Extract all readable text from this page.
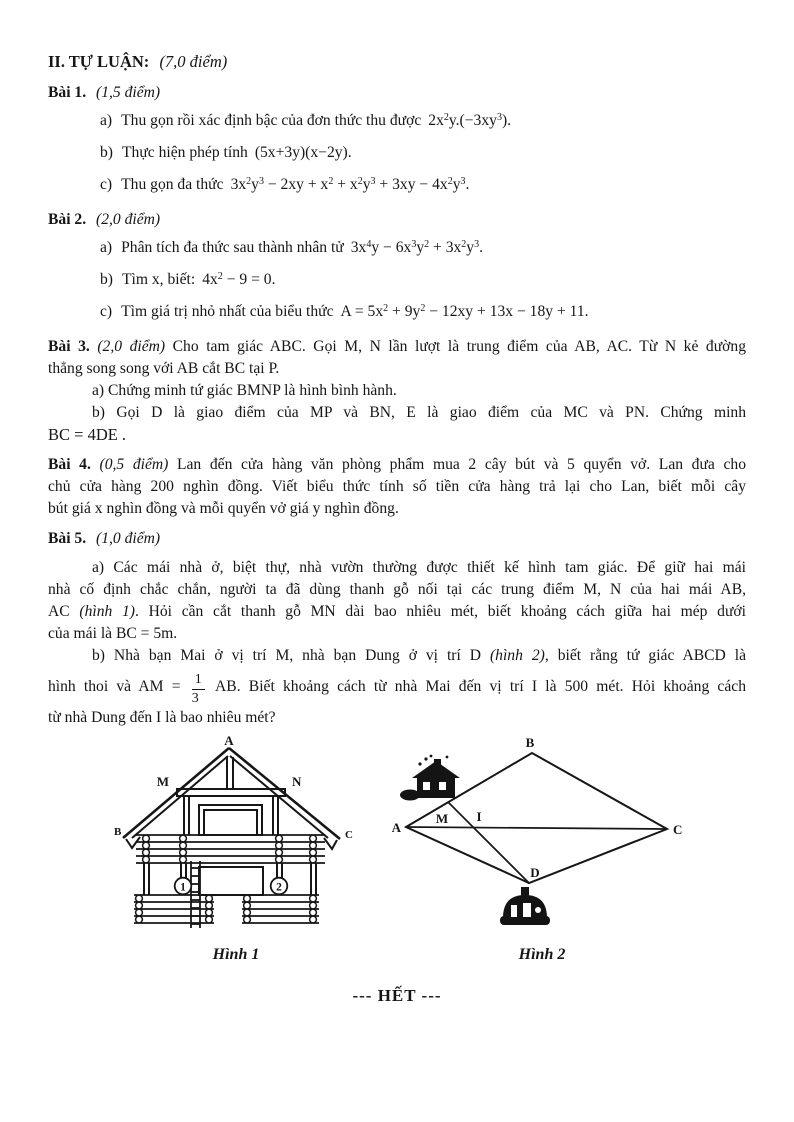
II. TỰ LUẬN: (7,0 điểm)
Bài 1. (1,5 điểm)
a) Thu gọn rồi xác định bậc của đơn thức thu được $2x^2y.(-3xy^3)$.
b) Thực hiện phép tính (5x+3y)(x−2y).
c) Thu gọn đa thức $3x^2y^3 - 2xy + x^2 + x^2y^3 + 3xy - 4x^2y^3$.
Bài 2. (2,0 điểm)
a) Phân tích đa thức sau thành nhân tử $3x^4y - 6x^3y^2 + 3x^2y^3$.
b) Tìm x, biết: $4x^2 - 9 = 0$.
c) Tìm giá trị nhỏ nhất của biểu thức $A = 5x^2 + 9y^2 - 12xy + 13x - 18y + 11$.
Bài 3. (2,0 điểm) Cho tam giác ABC. Gọi M, N lần lượt là trung điểm của AB, AC. Từ N kẻ đường
thẳng song song với AB cắt BC tại P.
a) Chứng minh tứ giác BMNP là hình bình hành.
b) Gọi D là giao điểm của MP và BN, E là giao điểm của MC và PN. Chứng minh
BC = 4DE .
Bài 4. (0,5 điểm) Lan đến cửa hàng văn phòng phẩm mua 2 cây bút và 5 quyển vở. Lan đưa cho
chủ cửa hàng 200 nghìn đồng. Viết biểu thức tính số tiền cửa hàng trả lại cho Lan, biết mỗi cây
bút giá x nghìn đồng và mỗi quyển vở giá y nghìn đồng.
Bài 5. (1,0 điểm)
a) Các mái nhà ở, biệt thự, nhà vườn thường được thiết kế hình tam giác. Để giữ hai mái
nhà cố định chắc chắn, người ta đã dùng thanh gỗ nối tại các trung điểm M, N của hai mái AB,
AC (hình 1). Hỏi cần cắt thanh gỗ MN dài bao nhiêu mét, biết khoảng cách giữa hai mép dưới
của mái là BC = 5m.
b) Nhà bạn Mai ở vị trí M, nhà bạn Dung ở vị trí D (hình 2), biết rằng tứ giác ABCD là
hình thoi và AM = $\frac{1}{3}$ AB. Biết khoảng cách từ nhà Mai đến vị trí I là 500 mét. Hỏi khoảng cách
từ nhà Dung đến I là bao nhiêu mét?
1	2
A
M	N
B	C
Hình 1
A
B
C
D
M I
Hình 2
--- HẾT ---
